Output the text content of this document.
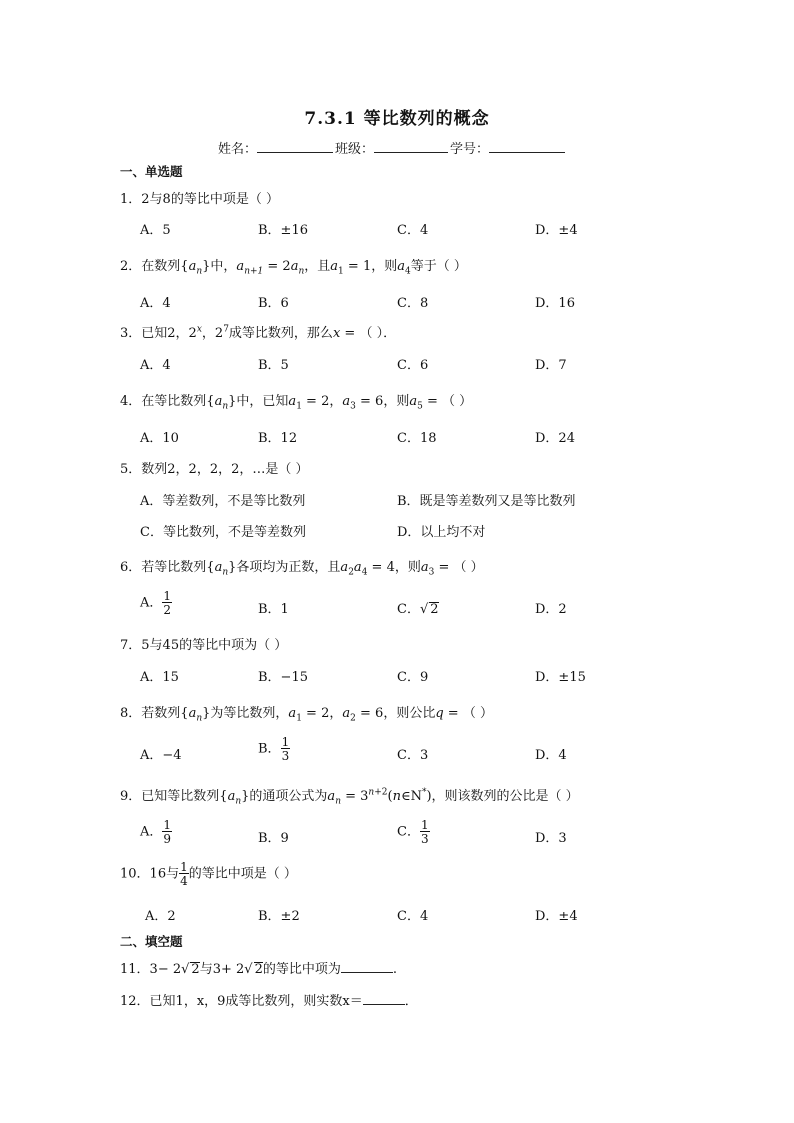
7.3.1 等比数列的概念
姓名：	班级：	学号：
一、单选题
1．2与8的等比中项是（ ）
A．5	B．±16	C．4	D．±4
2．在数列$\{a_n\}$中，$a_{n+1} = 2a_n$，且$a_1 = 1$，则$a_4$等于（ ）
A．4	B．6	C．8	D．16
3．已知2，2$^x$，$2^7$成等比数列，那么x = （ ）．
A．4	B．5	C．6	D．7
4．在等比数列$\{a_n\}$中，已知$a_1 = 2$，$a_3 = 6$，则$a_5$ = （ ）
A．10	B．12	C．18	D．24
5．数列2，2，2，2，…是（ ）
A．等差数列，不是等比数列	B．既是等差数列又是等比数列
C．等比数列，不是等差数列	D．以上均不对
6．若等比数列$\{a_n\}$各项均为正数，且$a_2a_4 = 4$，则$a_3$ = （ ）
A． $\frac{1}{2}$	B．1	C．√ 2	D．2
7．5与45的等比中项为（ ）
A．15	B．−15	C．9	D．±15
8．若数列$\{a_n\}$为等比数列，$a_1 = 2$，$a_2 = 6$，则公比q = （ ）
A．−4	B． $\frac{1}{3}$	C．3	D．4
9．已知等比数列$\{a_n\}$的通项公式为$a_n$ = $3^{n+2}(n\in N^*)$，则该数列的公比是（ ）
A． $\frac{1}{9}$	B．9	C． $\frac{1}{3}$	D．3
10．16与 $\frac{1}{4}$ 的等比中项是（ ）
A．2	B．±2	C．4	D．±4
二、填空题
11．3− 2√ 2与3+ 2√ 2的等比中项为	.
12．已知1，x，9成等比数列，则实数x＝	．
